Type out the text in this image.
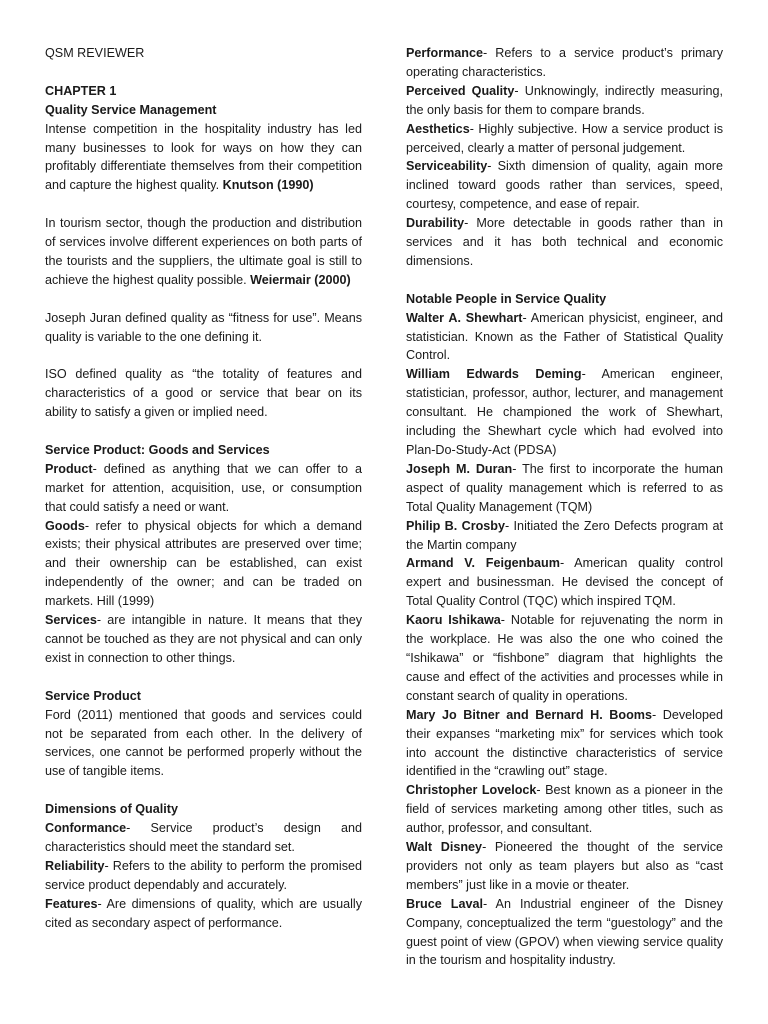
QSM REVIEWER

CHAPTER 1

Quality Service Management

Intense competition in the hospitality industry has led many businesses to look for ways on how they can profitably differentiate themselves from their competition and capture the highest quality. Knutson (1990)

In tourism sector, though the production and distribution of services involve different experiences on both parts of the tourists and the suppliers, the ultimate goal is still to achieve the highest quality possible. Weiermair (2000)

Joseph Juran defined quality as “fitness for use”. Means quality is variable to the one defining it.

ISO defined quality as “the totality of features and characteristics of a good or service that bear on its ability to satisfy a given or implied need.

Service Product: Goods and Services

Product- defined as anything that we can offer to a market for attention, acquisition, use, or consumption that could satisfy a need or want.

Goods- refer to physical objects for which a demand exists; their physical attributes are preserved over time; and their ownership can be established, can exist independently of the owner; and can be traded on markets. Hill (1999)

Services- are intangible in nature. It means that they cannot be touched as they are not physical and can only exist in connection to other things.

Service Product

Ford (2011) mentioned that goods and services could not be separated from each other. In the delivery of services, one cannot be performed properly without the use of tangible items.

Dimensions of Quality

Conformance- Service product’s design and characteristics should meet the standard set.

Reliability- Refers to the ability to perform the promised service product dependably and accurately.

Features- Are dimensions of quality, which are usually cited as secondary aspect of performance.

Performance- Refers to a service product’s primary operating characteristics.

Perceived Quality- Unknowingly, indirectly measuring, the only basis for them to compare brands.

Aesthetics- Highly subjective. How a service product is perceived, clearly a matter of personal judgement.

Serviceability- Sixth dimension of quality, again more inclined toward goods rather than services, speed, courtesy, competence, and ease of repair.

Durability- More detectable in goods rather than in services and it has both technical and economic dimensions.

Notable People in Service Quality

Walter A. Shewhart- American physicist, engineer, and statistician. Known as the Father of Statistical Quality Control.

William Edwards Deming- American engineer, statistician, professor, author, lecturer, and management consultant. He championed the work of Shewhart, including the Shewhart cycle which had evolved into Plan-Do-Study-Act (PDSA)

Joseph M. Duran- The first to incorporate the human aspect of quality management which is referred to as Total Quality Management (TQM)

Philip B. Crosby- Initiated the Zero Defects program at the Martin company

Armand V. Feigenbaum- American quality control expert and businessman. He devised the concept of Total Quality Control (TQC) which inspired TQM.

Kaoru Ishikawa- Notable for rejuvenating the norm in the workplace. He was also the one who coined the “Ishikawa” or “fishbone” diagram that highlights the cause and effect of the activities and processes while in constant search of quality in operations.

Mary Jo Bitner and Bernard H. Booms- Developed their expanses “marketing mix” for services which took into account the distinctive characteristics of service identified in the “crawling out” stage.

Christopher Lovelock- Best known as a pioneer in the field of services marketing among other titles, such as author, professor, and consultant.

Walt Disney- Pioneered the thought of the service providers not only as team players but also as “cast members” just like in a movie or theater.

Bruce Laval- An Industrial engineer of the Disney Company, conceptualized the term “guestology” and the guest point of view (GPOV) when viewing service quality in the tourism and hospitality industry.
